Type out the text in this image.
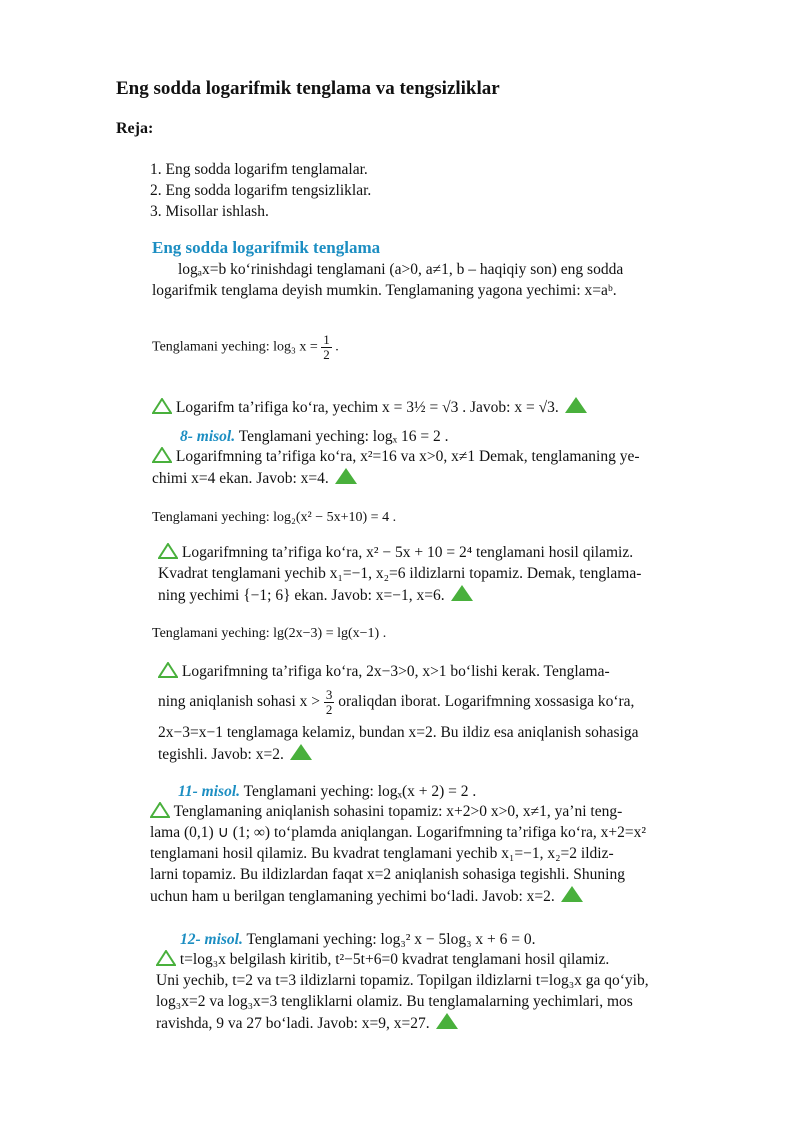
Eng sodda logarifmik tenglama va tengsizliklar
Reja:
1. Eng sodda logarifm tenglamalar.
2. Eng sodda logarifm tengsizliklar.
3. Misollar ishlash.
Eng sodda logarifmik tenglama
logₐx=b ko‘rinishdagi tenglamani (a>0, a≠1, b – haqiqiy son) eng sodda
logarifmik tenglama deyish mumkin. Tenglamaning yagona yechimi: x=aᵇ.
Tenglamani yeching: log₃ $x = \frac{1}{2}$ .
Logarifm ta’rifiga ko‘ra, yechim x = 3½ = √3 . Javob: x = √3.
8- misol. Tenglamani yeching: logₓ 16 = 2 .
Logarifmning ta’rifiga ko‘ra, x²=16 va x>0, x≠1 Demak, tenglamaning ye-
chimi x=4 ekan. Javob: x=4.
Tenglamani yeching: log₂(x² − 5x+10) = 4 .
Logarifmning ta’rifiga ko‘ra, x² − 5x + 10 = 2⁴ tenglamani hosil qilamiz.
Kvadrat tenglamani yechib x₁=−1, x₂=6 ildizlarni topamiz. Demak, tenglama-
ning yechimi {−1; 6} ekan. Javob: x=−1, x=6.
Tenglamani yeching: lg(2x−3) = lg(x−1) .
Logarifmning ta’rifiga ko‘ra, 2x−3>0, x>1 bo‘lishi kerak. Tenglama-
ning aniqlanish sohasi $x > \frac{3}{2}$ oraliqdan iborat. Logarifmning xossasiga ko‘ra,
2x−3=x−1 tenglamaga kelamiz, bundan x=2. Bu ildiz esa aniqlanish sohasiga
tegishli. Javob: x=2.
11- misol. Tenglamani yeching: logₓ(x + 2) = 2 .
Tenglamaning aniqlanish sohasini topamiz: x+2>0 x>0, x≠1, ya’ni teng-
lama (0,1) ∪ (1; ∞) to‘plamda aniqlangan. Logarifmning ta’rifiga ko‘ra, x+2=x²
tenglamani hosil qilamiz. Bu kvadrat tenglamani yechib x₁=−1, x₂=2 ildiz-
larni topamiz. Bu ildizlardan faqat x=2 aniqlanish sohasiga tegishli. Shuning
uchun ham u berilgan tenglamaning yechimi bo‘ladi. Javob: x=2.
12- misol. Tenglamani yeching: log₃² x − 5log₃ x + 6 = 0.
t=log₃x belgilash kiritib, t²−5t+6=0 kvadrat tenglamani hosil qilamiz.
Uni yechib, t=2 va t=3 ildizlarni topamiz. Topilgan ildizlarni t=log₃x ga qo‘yib,
log₃x=2 va log₃x=3 tengliklarni olamiz. Bu tenglamalarning yechimlari, mos
ravishda, 9 va 27 bo‘ladi. Javob: x=9, x=27.
